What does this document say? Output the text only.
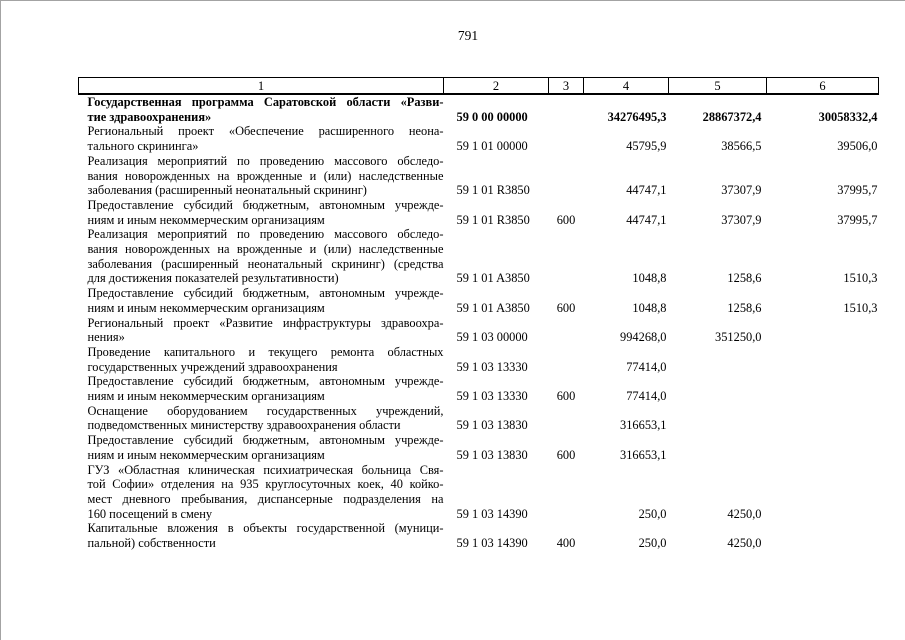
791
1	2	3	4	5	6

Государственная программа Саратовской области «Разви-
тие здравоохранения»	59 0 00 00000		34276495,3	28867372,4	30058332,4

Региональный проект «Обеспечение расширенного неона-
тального скрининга»	59 1 01 00000		45795,9	38566,5	39506,0

Реализация мероприятий по проведению массового обследо-
вания новорожденных на врожденные и (или) наследственные
заболевания (расширенный неонатальный скрининг)	59 1 01 R3850		44747,1	37307,9	37995,7

Предоставление субсидий бюджетным, автономным учрежде-
ниям и иным некоммерческим организациям	59 1 01 R3850	600	44747,1	37307,9	37995,7

Реализация мероприятий по проведению массового обследо-
вания новорожденных на врожденные и (или) наследственные
заболевания (расширенный неонатальный скрининг) (средства
для достижения показателей результативности)	59 1 01 A3850		1048,8	1258,6	1510,3

Предоставление субсидий бюджетным, автономным учрежде-
ниям и иным некоммерческим организациям	59 1 01 A3850	600	1048,8	1258,6	1510,3

Региональный проект «Развитие инфраструктуры здравоохра-
нения»	59 1 03 00000		994268,0	351250,0	

Проведение капитального и текущего ремонта областных
государственных учреждений здравоохранения	59 1 03 13330		77414,0		

Предоставление субсидий бюджетным, автономным учрежде-
ниям и иным некоммерческим организациям	59 1 03 13330	600	77414,0		

Оснащение оборудованием государственных учреждений,
подведомственных министерству здравоохранения области	59 1 03 13830		316653,1		

Предоставление субсидий бюджетным, автономным учрежде-
ниям и иным некоммерческим организациям	59 1 03 13830	600	316653,1		

ГУЗ «Областная клиническая психиатрическая больница Свя-
той Софии» отделения на 935 круглосуточных коек, 40 койко-
мест дневного пребывания, диспансерные подразделения на
160 посещений в смену	59 1 03 14390		250,0	4250,0	

Капитальные вложения в объекты государственной (муници-
пальной) собственности	59 1 03 14390	400	250,0	4250,0	
